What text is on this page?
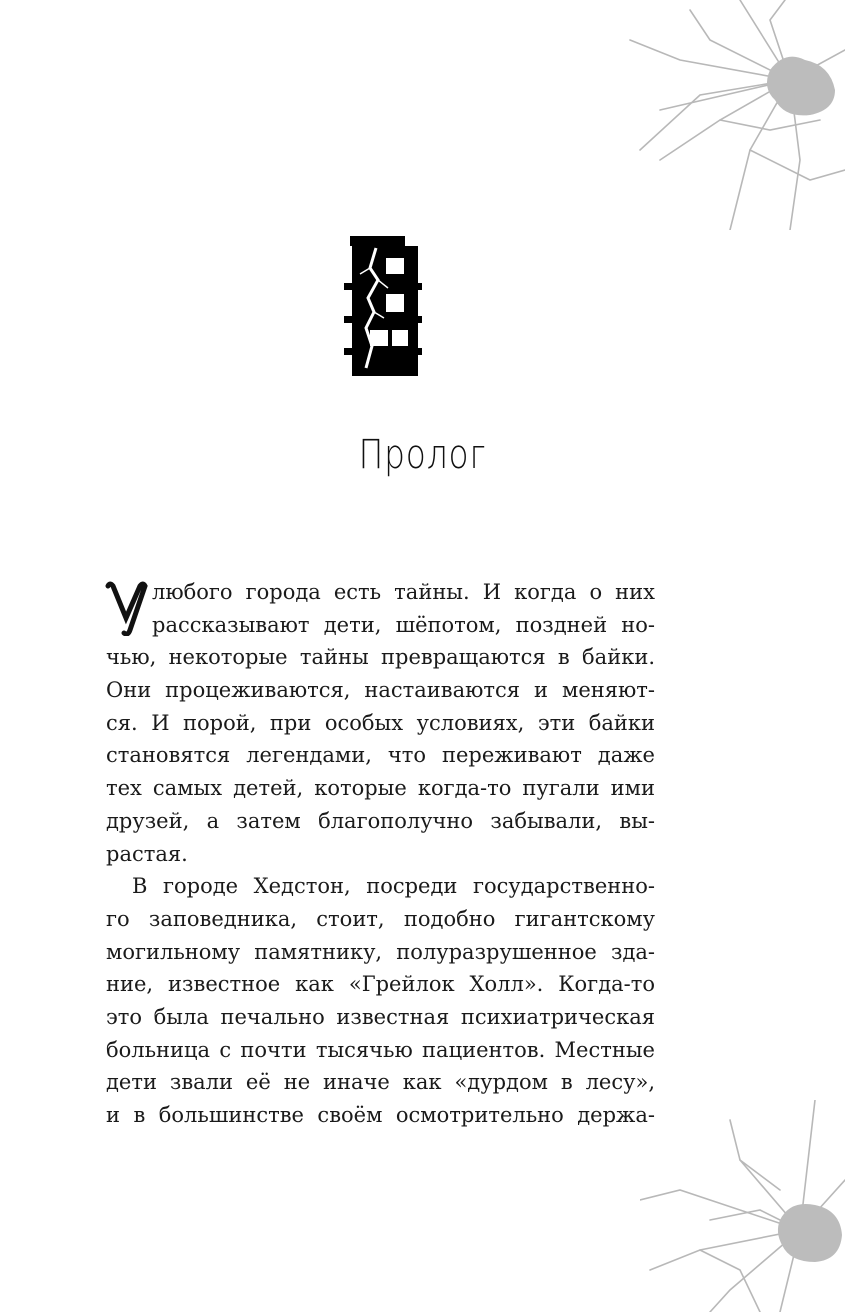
Пролог
У	любого города есть тайны. И когда о них
рассказывают дети, шёпотом, поздней но-
чью, некоторые тайны превращаются в байки.
Они процеживаются, настаиваются и меняют-
ся. И порой, при особых условиях, эти байки
становятся легендами, что переживают даже
тех самых детей, которые когда-то пугали ими
друзей, а затем благополучно забывали, вы-
растая.
В городе Хедстон, посреди государственно-
го заповедника, стоит, подобно гигантскому
могильному памятнику, полуразрушенное зда-
ние, известное как «Грейлок Холл». Когда-то
это была печально известная психиатрическая
больница с почти тысячью пациентов. Местные
дети звали её не иначе как «дурдом в лесу»,
и в большинстве своём осмотрительно держа-
